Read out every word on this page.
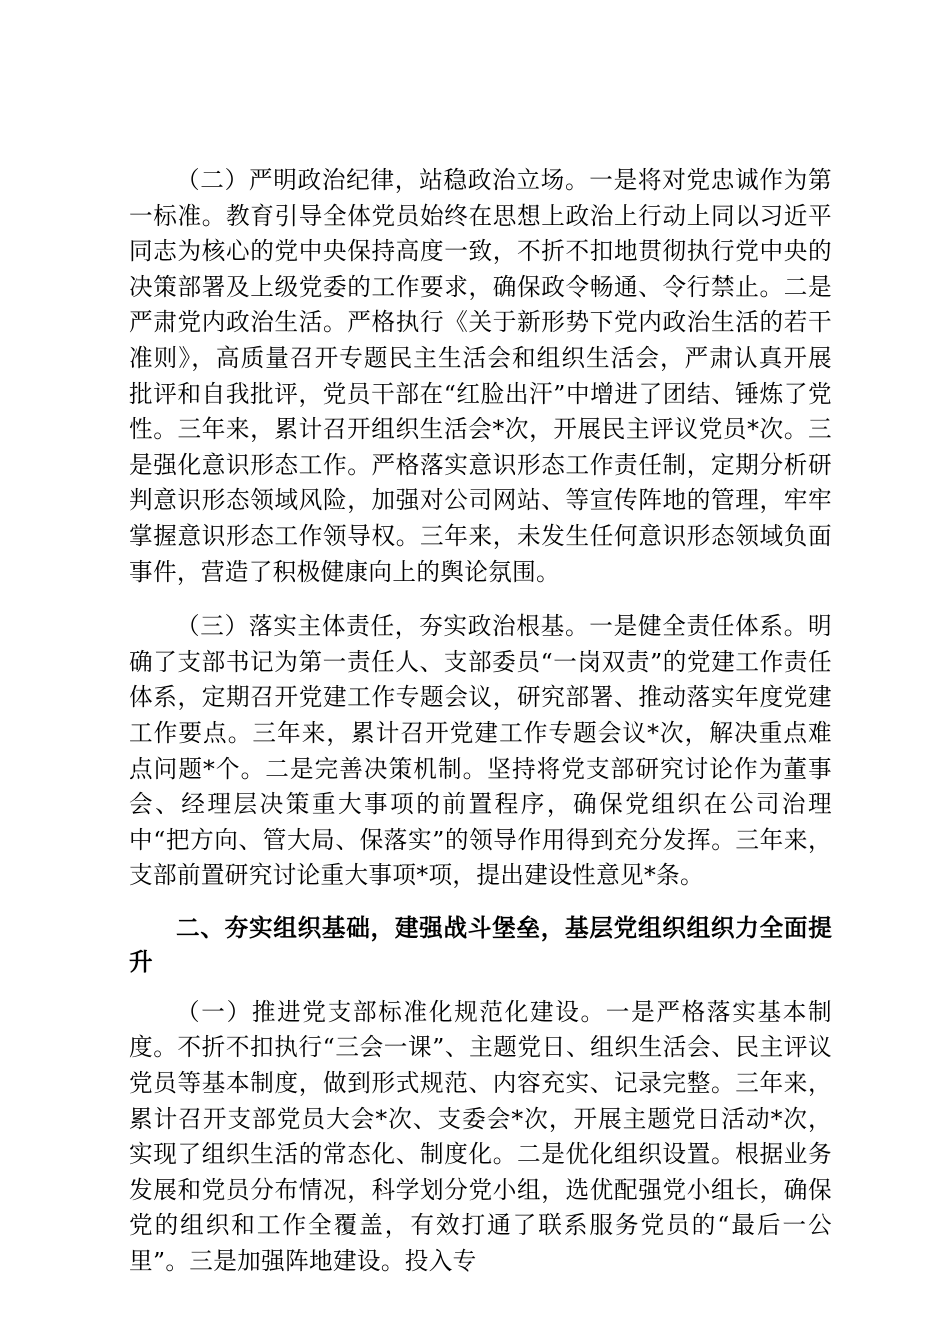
（二）严明政治纪律，站稳政治立场。一是将对党忠诚作为第一标准。教育引导全体党员始终在思想上政治上行动上同以习近平同志为核心的党中央保持高度一致，不折不扣地贯彻执行党中央的决策部署及上级党委的工作要求，确保政令畅通、令行禁止。二是严肃党内政治生活。严格执行《关于新形势下党内政治生活的若干准则》，高质量召开专题民主生活会和组织生活会，严肃认真开展批评和自我批评，党员干部在“红脸出汗”中增进了团结、锤炼了党性。三年来，累计召开组织生活会*次，开展民主评议党员*次。三是强化意识形态工作。严格落实意识形态工作责任制，定期分析研判意识形态领域风险，加强对公司网站、等宣传阵地的管理，牢牢掌握意识形态工作领导权。三年来，未发生任何意识形态领域负面事件，营造了积极健康向上的舆论氛围。

（三）落实主体责任，夯实政治根基。一是健全责任体系。明确了支部书记为第一责任人、支部委员“一岗双责”的党建工作责任体系，定期召开党建工作专题会议，研究部署、推动落实年度党建工作要点。三年来，累计召开党建工作专题会议*次，解决重点难点问题*个。二是完善决策机制。坚持将党支部研究讨论作为董事会、经理层决策重大事项的前置程序，确保党组织在公司治理中“把方向、管大局、保落实”的领导作用得到充分发挥。三年来，支部前置研究讨论重大事项*项，提出建设性意见*条。

二、夯实组织基础，建强战斗堡垒，基层党组织组织力全面提升

（一）推进党支部标准化规范化建设。一是严格落实基本制度。不折不扣执行“三会一课”、主题党日、组织生活会、民主评议党员等基本制度，做到形式规范、内容充实、记录完整。三年来，累计召开支部党员大会*次、支委会*次，开展主题党日活动*次，实现了组织生活的常态化、制度化。二是优化组织设置。根据业务发展和党员分布情况，科学划分党小组，选优配强党小组长，确保党的组织和工作全覆盖，有效打通了联系服务党员的“最后一公里”。三是加强阵地建设。投入专
